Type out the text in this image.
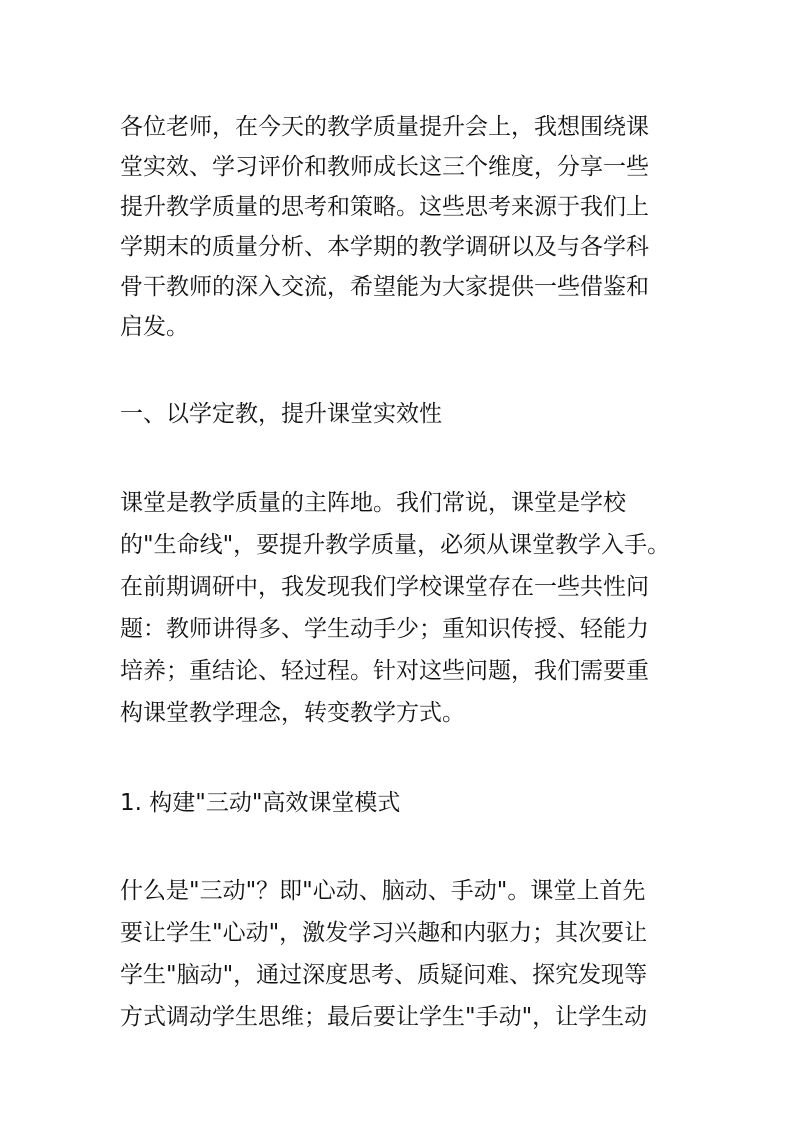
各位老师，在今天的教学质量提升会上，我想围绕课
堂实效、学习评价和教师成长这三个维度，分享一些
提升教学质量的思考和策略。这些思考来源于我们上
学期末的质量分析、本学期的教学调研以及与各学科
骨干教师的深入交流，希望能为大家提供一些借鉴和
启发。
一、以学定教，提升课堂实效性
课堂是教学质量的主阵地。我们常说，课堂是学校
的"生命线"，要提升教学质量，必须从课堂教学入手。
在前期调研中，我发现我们学校课堂存在一些共性问
题：教师讲得多、学生动手少；重知识传授、轻能力
培养；重结论、轻过程。针对这些问题，我们需要重
构课堂教学理念，转变教学方式。
1. 构建"三动"高效课堂模式
什么是"三动"？即"心动、脑动、手动"。课堂上首先
要让学生"心动"，激发学习兴趣和内驱力；其次要让
学生"脑动"，通过深度思考、质疑问难、探究发现等
方式调动学生思维；最后要让学生"手动"，让学生动
